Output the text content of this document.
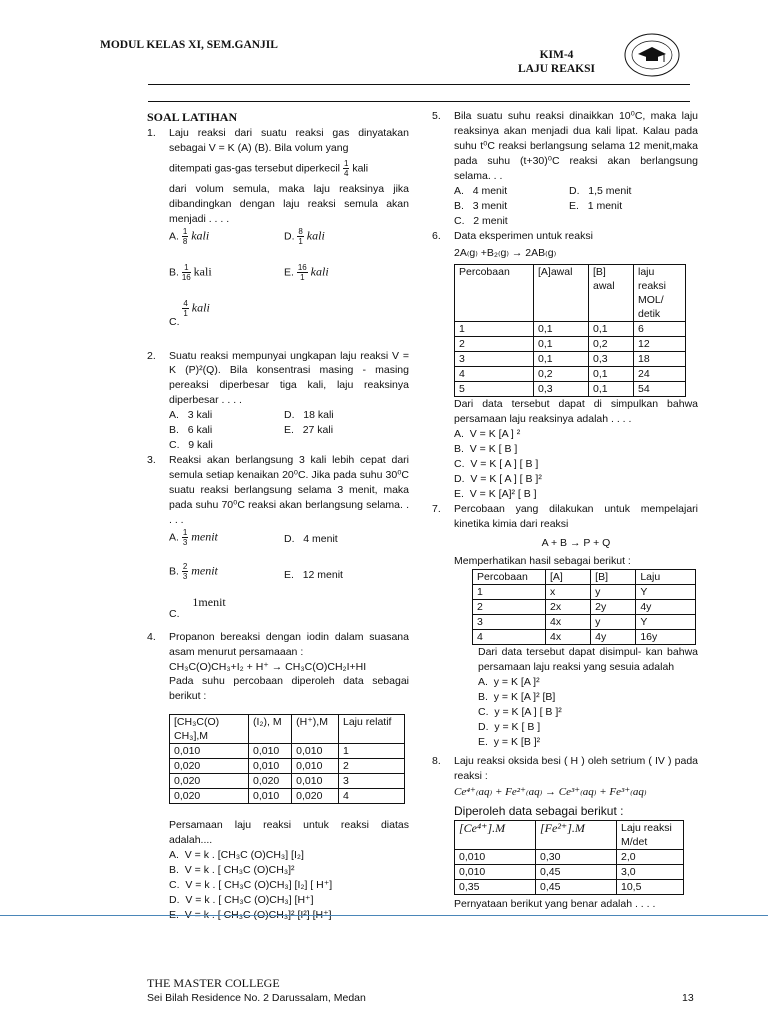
MODUL KELAS XI, SEM.GANJIL
KIM-4
LAJU REAKSI
SOAL LATIHAN
1. Laju reaksi dari suatu reaksi gas dinyatakan sebagai V = K (A) (B). Bila volum yang
ditempati gas-gas tersebut diperkecil $\frac{1}{4}$ kali
dari volum semula, maka laju reaksinya jika dibandingkan dengan laju reaksi semula akan menjadi . . . .
A. $\frac{1}{8}$ kali	D. $\frac{8}{1}$ kali
B. $\frac{1}{16}$ kali	E. $\frac{16}{1}$ kali
C.
$\frac{4}{1}$ kali
2. Suatu reaksi mempunyai ungkapan laju reaksi V = K (P)²(Q). Bila konsentrasi masing - masing pereaksi diperbesar tiga kali, laju reaksinya diperbesar . . . .
A. 3 kali	D. 18 kali
B. 6 kali	E. 27 kali
C. 9 kali
3. Reaksi akan berlangsung 3 kali lebih cepat dari semula setiap kenaikan 20⁰C. Jika pada suhu 30⁰C suatu reaksi berlangsung selama 3 menit, maka pada suhu 70⁰C reaksi akan berlangsung selama. . . . .
A. $\frac{1}{3}$ menit	D. 4 menit
B. $\frac{2}{3}$ menit	E. 12 menit
C. 1menit
4. Propanon bereaksi dengan iodin dalam suasana asam menurut persamaaan :
CH₃C(O)CH₃+I₂ + H⁺ → CH₃C(O)CH₂I+HI
Pada suhu percobaan diperoleh data sebagai berikut :
[CH₃C(O) CH₃],M	(I₂), M	(H⁺),M	Laju relatif
0,010	0,010	0,010	1
0,020	0,010	0,010	2
0,020	0,020	0,010	3
0,020	0,010	0,020	4
Persamaan laju reaksi untuk reaksi diatas adalah....
A. V = k . [CH₃C (O)CH₃] [I₂]
B. V = k . [ CH₃C (O)CH₃]²
C. V = k . [ CH₃C (O)CH₃] [I₂] [ H⁺]
D. V = k . [ CH₃C (O)CH₃] [H⁺]
E. V = k . [ CH₃C (O)CH₃]² [I²] [H⁺]
5. Bila suatu suhu reaksi dinaikkan 10⁰C, maka laju reaksinya akan menjadi dua kali lipat. Kalau pada suhu t⁰C reaksi berlangsung selama 12 menit,maka pada suhu (t+30)⁰C reaksi akan berlangsung selama. . .
A. 4 menit	D. 1,5 menit
B. 3 menit	E. 1 menit
C. 2 menit
6. Data eksperimen untuk reaksi
2A₍g₎ +B₂₍g₎ → 2AB₍g₎
Percobaan	[A]awal	[B] awal	laju reaksi MOL/ detik
1	0,1	0,1	6
2	0,1	0,2	12
3	0,1	0,3	18
4	0,2	0,1	24
5	0,3	0,1	54
Dari data tersebut dapat di simpulkan bahwa persamaan laju reaksinya adalah . . . .
A. V = K [A ] ²
B. V = K [ B ]
C. V = K [ A ] [ B ]
D. V = K [ A ] [ B ]²
E. V = K [A]² [ B ]
7. Percobaan yang dilakukan untuk mempelajari kinetika kimia dari reaksi
A + B → P + Q
Memperhatikan hasil sebagai berikut :
Percobaan	[A]	[B]	Laju
1	x	y	Y
2	2x	2y	4y
3	4x	y	Y
4	4x	4y	16y
Dari data tersebut dapat disimpul- kan bahwa persamaan laju reaksi yang sesuia adalah
A. y = K [A ]²
B. y = K [A ]² [B]
C. y = K [A ] [ B ]²
D. y = K [ B ]
E. y = K [B ]²
8. Laju reaksi oksida besi ( H ) oleh setrium ( IV ) pada reaksi :
Ce⁴⁺₍aq₎ + Fe²⁺₍aq₎ → Ce³⁺₍aq₎ + Fe³⁺₍aq₎
Diperoleh data sebagai berikut :
[Ce⁴⁺].M	[Fe²⁺].M	Laju reaksi M/det
0,010	0,30	2,0
0,010	0,45	3,0
0,35	0,45	10,5
Pernyataan berikut yang benar adalah . . . .
THE MASTER COLLEGE
Sei Bilah Residence No. 2 Darussalam, Medan	13
